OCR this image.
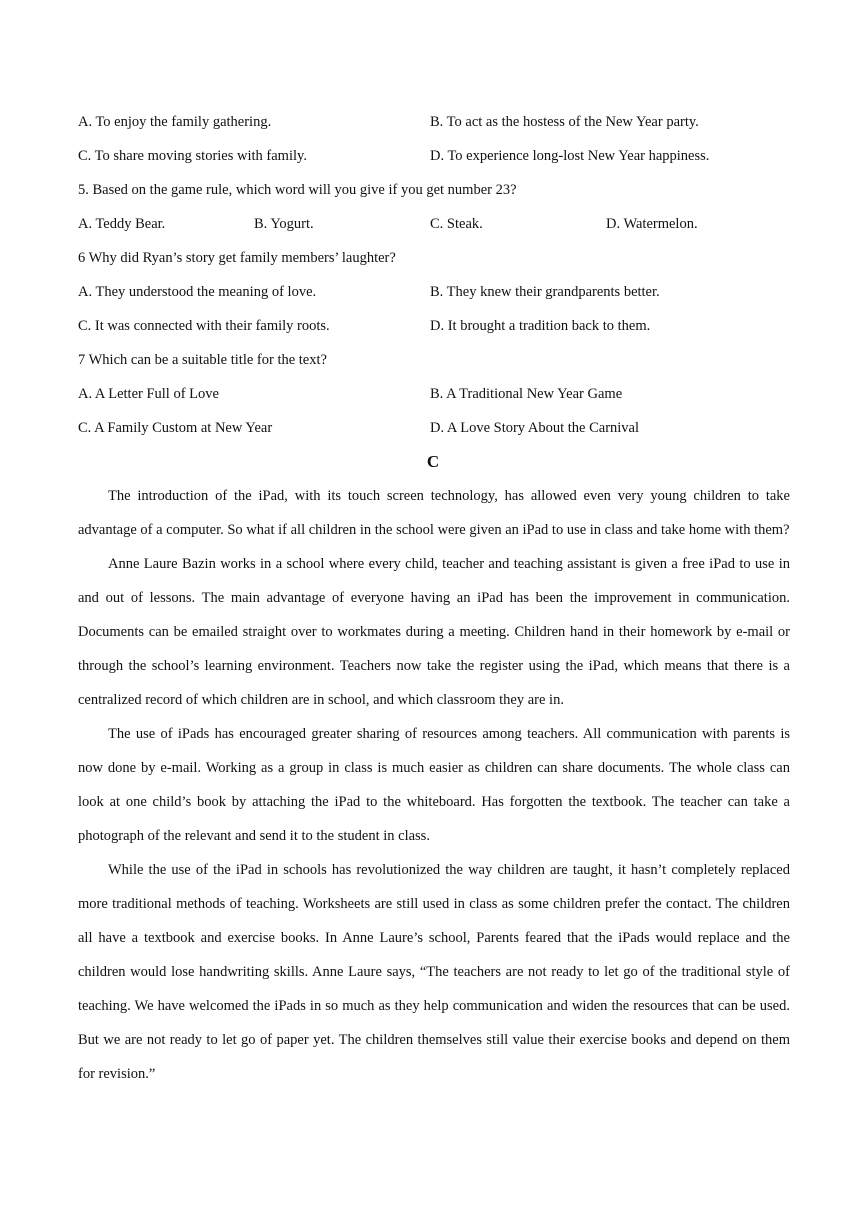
A. To enjoy the family gathering.	B. To act as the hostess of the New Year party.
C. To share moving stories with family.	D. To experience long-lost New Year happiness.
5. Based on the game rule, which word will you give if you get number 23?
A. Teddy Bear.	B. Yogurt.	C. Steak.	D. Watermelon.
6 Why did Ryan’s story get family members’ laughter?
A. They understood the meaning of love.	B. They knew their grandparents better.
C. It was connected with their family roots.	D. It brought a tradition back to them.
7 Which can be a suitable title for the text?
A. A Letter Full of Love	B. A Traditional New Year Game
C. A Family Custom at New Year	D. A Love Story About the Carnival
C

The introduction of the iPad, with its touch screen technology, has allowed even very young children to take advantage of a computer. So what if all children in the school were given an iPad to use in class and take home with them?

Anne Laure Bazin works in a school where every child, teacher and teaching assistant is given a free iPad to use in and out of lessons. The main advantage of everyone having an iPad has been the improvement in communication. Documents can be emailed straight over to workmates during a meeting. Children hand in their homework by e-mail or through the school’s learning environment. Teachers now take the register using the iPad, which means that there is a centralized record of which children are in school, and which classroom they are in.

The use of iPads has encouraged greater sharing of resources among teachers. All communication with parents is now done by e-mail. Working as a group in class is much easier as children can share documents. The whole class can look at one child’s book by attaching the iPad to the whiteboard. Has forgotten the textbook. The teacher can take a photograph of the relevant and send it to the student in class.

While the use of the iPad in schools has revolutionized the way children are taught, it hasn’t completely replaced more traditional methods of teaching. Worksheets are still used in class as some children prefer the contact. The children all have a textbook and exercise books. In Anne Laure’s school, Parents feared that the iPads would replace and the children would lose handwriting skills. Anne Laure says, “The teachers are not ready to let go of the traditional style of teaching. We have welcomed the iPads in so much as they help communication and widen the resources that can be used. But we are not ready to let go of paper yet. The children themselves still value their exercise books and depend on them for revision.”
